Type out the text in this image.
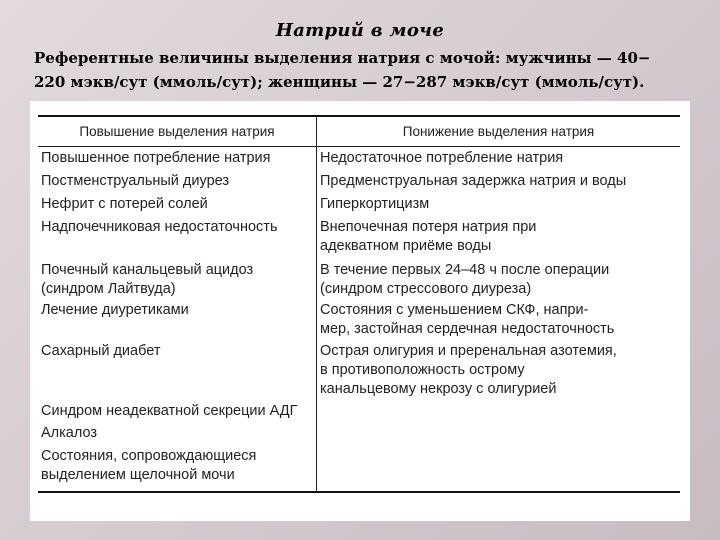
Натрий в моче
Референтные величины выделения натрия с мочой: мужчины — 40−
220 мэкв/сут (ммоль/сут); женщины — 27−287 мэкв/сут (ммоль/сут).
Повышение выделения натрия	Понижение выделения натрия
Повышенное потребление натрия
Постменструальный диурез
Нефрит с потерей солей
Надпочечниковая недостаточность
Почечный канальцевый ацидоз
(синдром Лайтвуда)
Лечение диуретиками
Сахарный диабет
Синдром неадекватной секреции АДГ
Алкалоз
Состояния, сопровождающиеся
выделением щелочной мочи
Недостаточное потребление натрия
Предменструальная задержка натрия и воды
Гиперкортицизм
Внепочечная потеря натрия при
адекватном приёме воды
В течение первых 24–48 ч после операции
(синдром стрессового диуреза)
Состояния с уменьшением СКФ, напри-
мер, застойная сердечная недостаточность
Острая олигурия и преренальная азотемия,
в противоположность острому
канальцевому некрозу с олигурией
